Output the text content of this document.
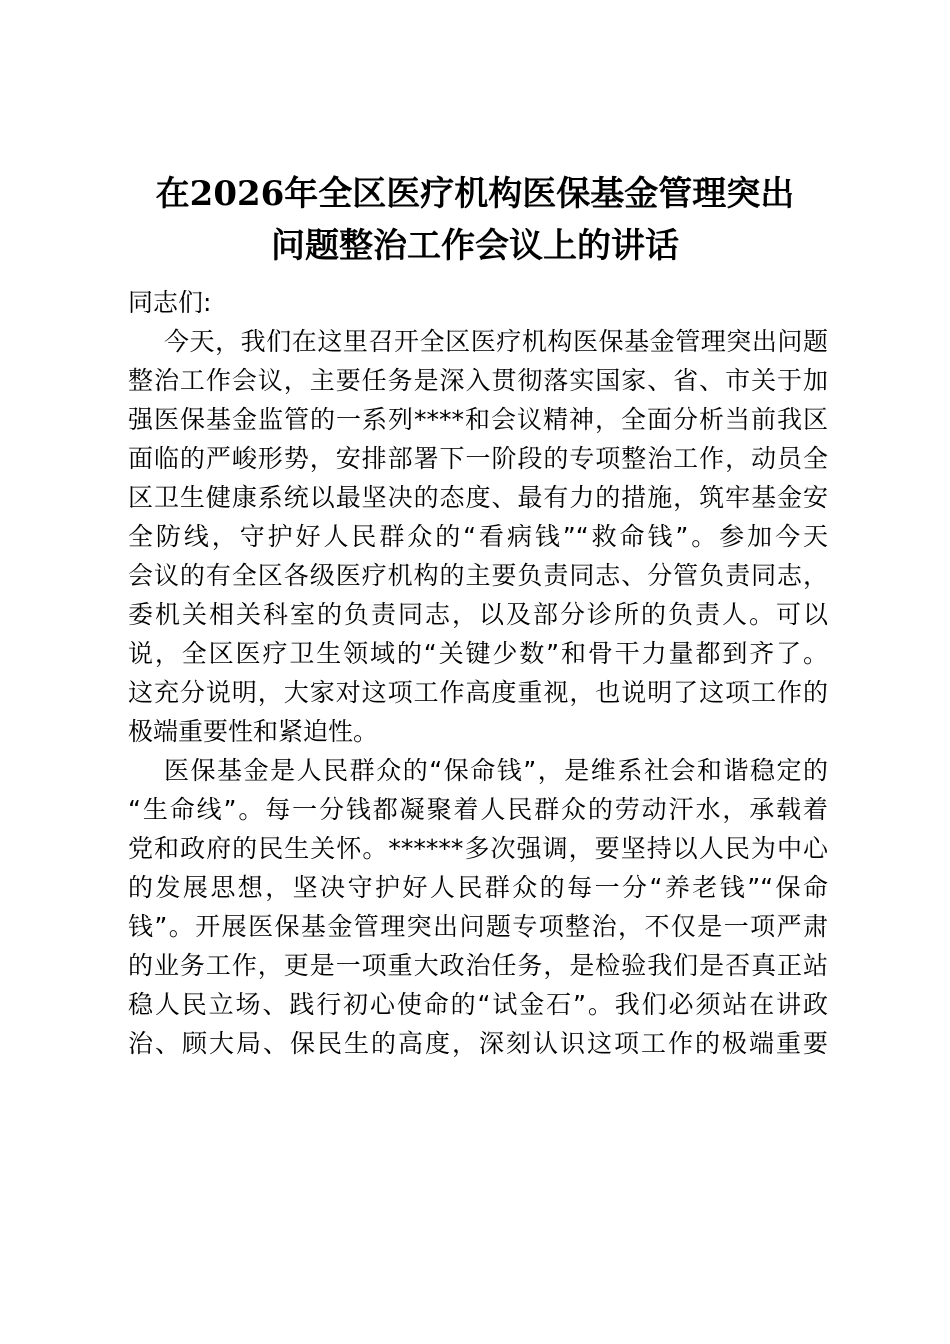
在2026年全区医疗机构医保基金管理突出
问题整治工作会议上的讲话

同志们:

今天，我们在这里召开全区医疗机构医保基金管理突出问题
整治工作会议，主要任务是深入贯彻落实国家、省、市关于加
强医保基金监管的一系列****和会议精神，全面分析当前我区
面临的严峻形势，安排部署下一阶段的专项整治工作，动员全
区卫生健康系统以最坚决的态度、最有力的措施，筑牢基金安
全防线，守护好人民群众的“看病钱”“救命钱”。参加今天
会议的有全区各级医疗机构的主要负责同志、分管负责同志，
委机关相关科室的负责同志，以及部分诊所的负责人。可以
说，全区医疗卫生领域的“关键少数”和骨干力量都到齐了。
这充分说明，大家对这项工作高度重视，也说明了这项工作的
极端重要性和紧迫性。
医保基金是人民群众的“保命钱”，是维系社会和谐稳定的
“生命线”。每一分钱都凝聚着人民群众的劳动汗水，承载着
党和政府的民生关怀。******多次强调，要坚持以人民为中心
的发展思想，坚决守护好人民群众的每一分“养老钱”“保命
钱”。开展医保基金管理突出问题专项整治，不仅是一项严肃
的业务工作，更是一项重大政治任务，是检验我们是否真正站
稳人民立场、践行初心使命的“试金石”。我们必须站在讲政
治、顾大局、保民生的高度，深刻认识这项工作的极端重要
